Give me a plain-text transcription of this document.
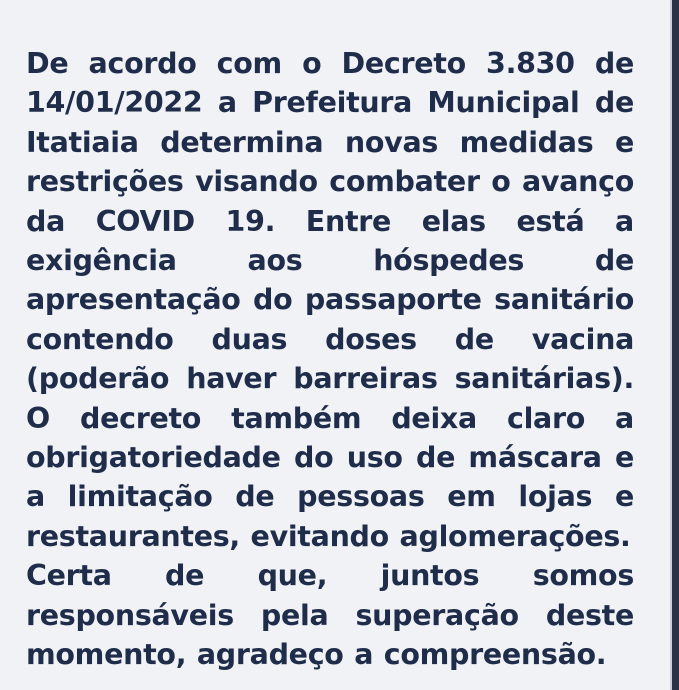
De acordo com o Decreto 3.830 de 14/01/2022 a Prefeitura Municipal de Itatiaia determina novas medidas e restrições visando combater o avanço da COVID 19. Entre elas está a exigência aos hóspedes de apresentação do passaporte sanitário contendo duas doses de vacina (poderão haver barreiras sanitárias). O decreto também deixa claro a obrigatoriedade do uso de máscara e a limitação de pessoas em lojas e restaurantes, evitando aglomerações.

Certa de que, juntos somos responsáveis pela superação deste momento, agradeço a compreensão.
